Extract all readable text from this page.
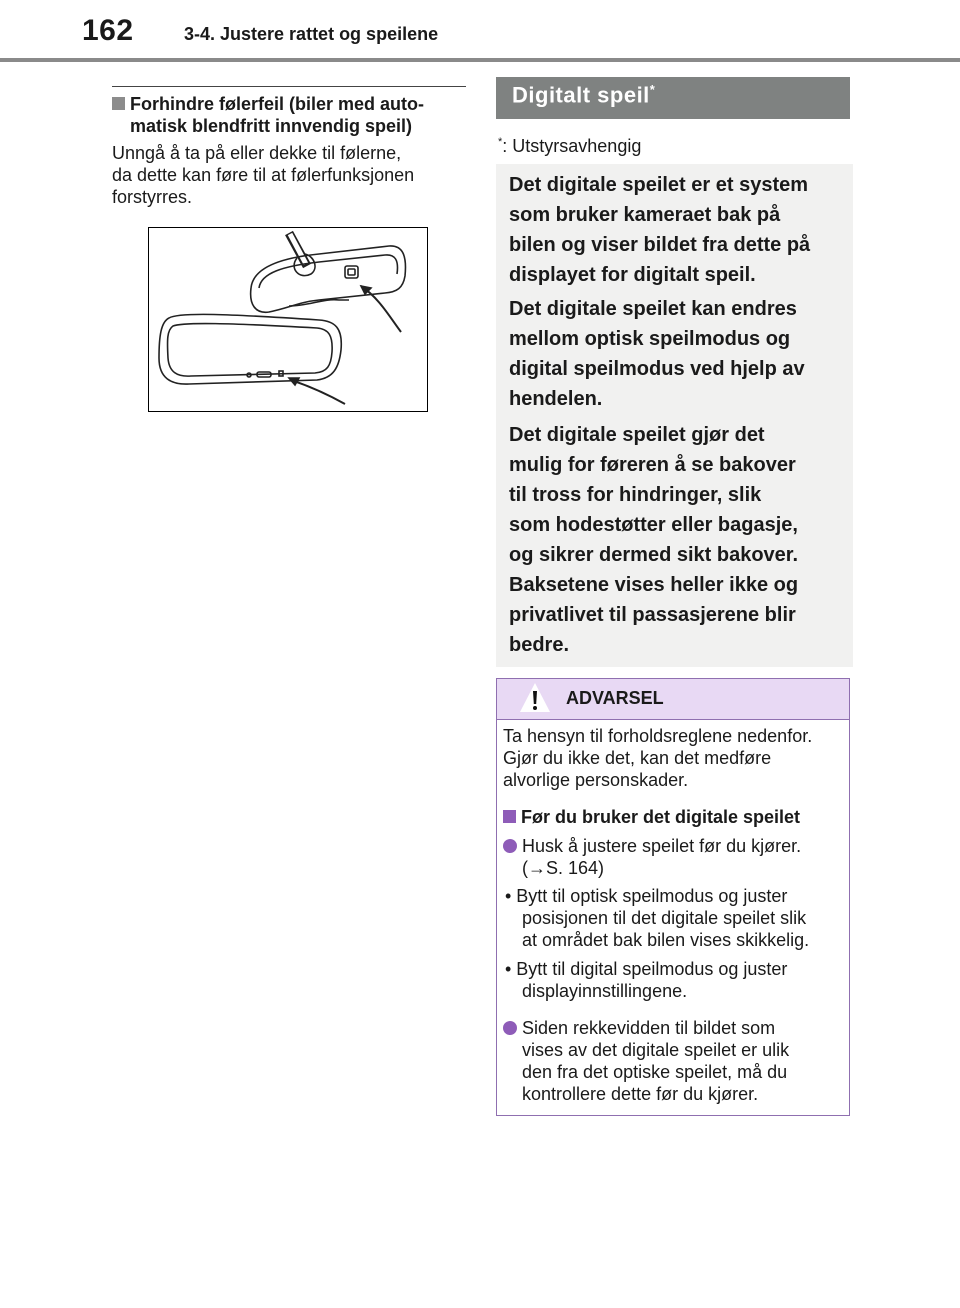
162	3-4. Justere rattet og speilene
Forhindre følerfeil (biler med auto-
matisk blendfritt innvendig speil)
Unngå å ta på eller dekke til følerne,
da dette kan føre til at følerfunksjonen
forstyrres.
Digitalt speil*
*: Utstyrsavhengig

Det digitale speilet er et system
som bruker kameraet bak på
bilen og viser bildet fra dette på
displayet for digitalt speil.

Det digitale speilet kan endres
mellom optisk speilmodus og
digital speilmodus ved hjelp av
hendelen.

Det digitale speilet gjør det
mulig for føreren å se bakover
til tross for hindringer, slik
som hodestøtter eller bagasje,
og sikrer dermed sikt bakover.
Baksetene vises heller ikke og
privatlivet til passasjerene blir
bedre.

ADVARSEL
Ta hensyn til forholdsreglene nedenfor.
Gjør du ikke det, kan det medføre
alvorlige personskader.
Før du bruker det digitale speilet
Husk å justere speilet før du kjører.
(→S. 164)
• Bytt til optisk speilmodus og juster
posisjonen til det digitale speilet slik
at området bak bilen vises skikkelig.
• Bytt til digital speilmodus og juster
displayinnstillingene.
Siden rekkevidden til bildet som
vises av det digitale speilet er ulik
den fra det optiske speilet, må du
kontrollere dette før du kjører.
